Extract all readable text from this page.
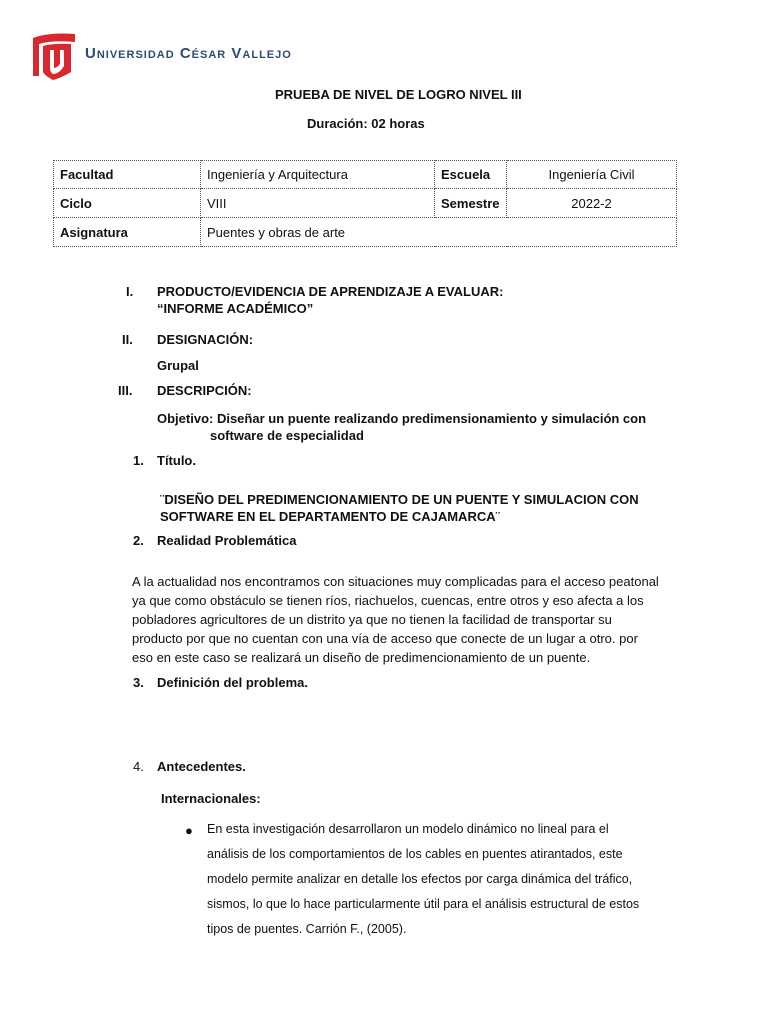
Universidad César Vallejo
PRUEBA DE NIVEL DE LOGRO NIVEL III
Duración: 02 horas
Facultad	Ingeniería y Arquitectura	Escuela	Ingeniería Civil
Ciclo	VIII	Semestre	2022-2
Asignatura	Puentes y obras de arte		
I. PRODUCTO/EVIDENCIA DE APRENDIZAJE A EVALUAR:
“INFORME ACADÉMICO”
II. DESIGNACIÓN:
Grupal
III. DESCRIPCIÓN:
Objetivo: Diseñar un puente realizando predimensionamiento y simulación con
software de especialidad
1. Título.
¨DISEÑO DEL PREDIMENCIONAMIENTO DE UN PUENTE Y SIMULACION CON
SOFTWARE EN EL DEPARTAMENTO DE CAJAMARCA¨
2. Realidad Problemática
A la actualidad nos encontramos con situaciones muy complicadas para el acceso peatonal
ya que como obstáculo se tienen ríos, riachuelos, cuencas, entre otros y eso afecta a los
pobladores agricultores de un distrito ya que no tienen la facilidad de transportar su
producto por que no cuentan con una vía de acceso que conecte de un lugar a otro. por
eso en este caso se realizará un diseño de predimencionamiento de un puente.
3. Definición del problema.
4. Antecedentes.
Internacionales:
● En esta investigación desarrollaron un modelo dinámico no lineal para el
análisis de los comportamientos de los cables en puentes atirantados, este
modelo permite analizar en detalle los efectos por carga dinámica del tráfico,
sismos, lo que lo hace particularmente útil para el análisis estructural de estos
tipos de puentes. Carrión F., (2005).
